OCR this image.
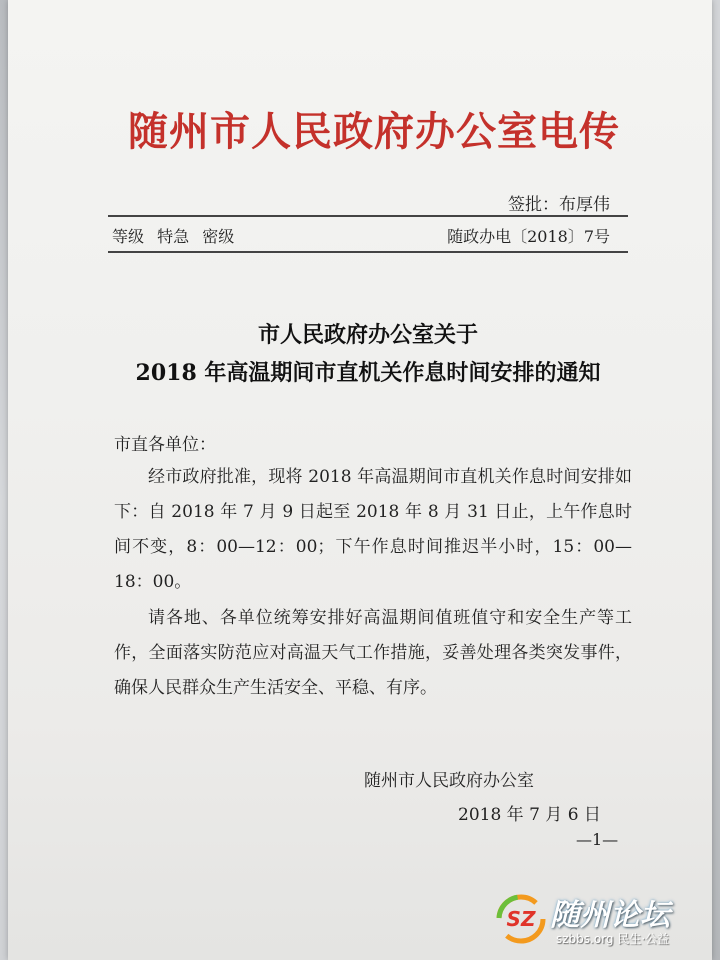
随州市人民政府办公室电传
签批：布厚伟
等级 特急 密级	随政办电〔2018〕7号
市人民政府办公室关于
2018 年高温期间市直机关作息时间安排的通知
市直各单位：

经市政府批准，现将 2018 年高温期间市直机关作息时间安排如下：自 2018 年 7 月 9 日起至 2018 年 8 月 31 日止，上午作息时间不变，8：00—12：00；下午作息时间推迟半小时，15：00—18：00。

请各地、各单位统筹安排好高温期间值班值守和安全生产等工作，全面落实防范应对高温天气工作措施，妥善处理各类突发事件，确保人民群众生产生活安全、平稳、有序。

随州市人民政府办公室
2018 年 7 月 6 日
—1—
SZ 随州论坛
szbbs.org 民生·公益
